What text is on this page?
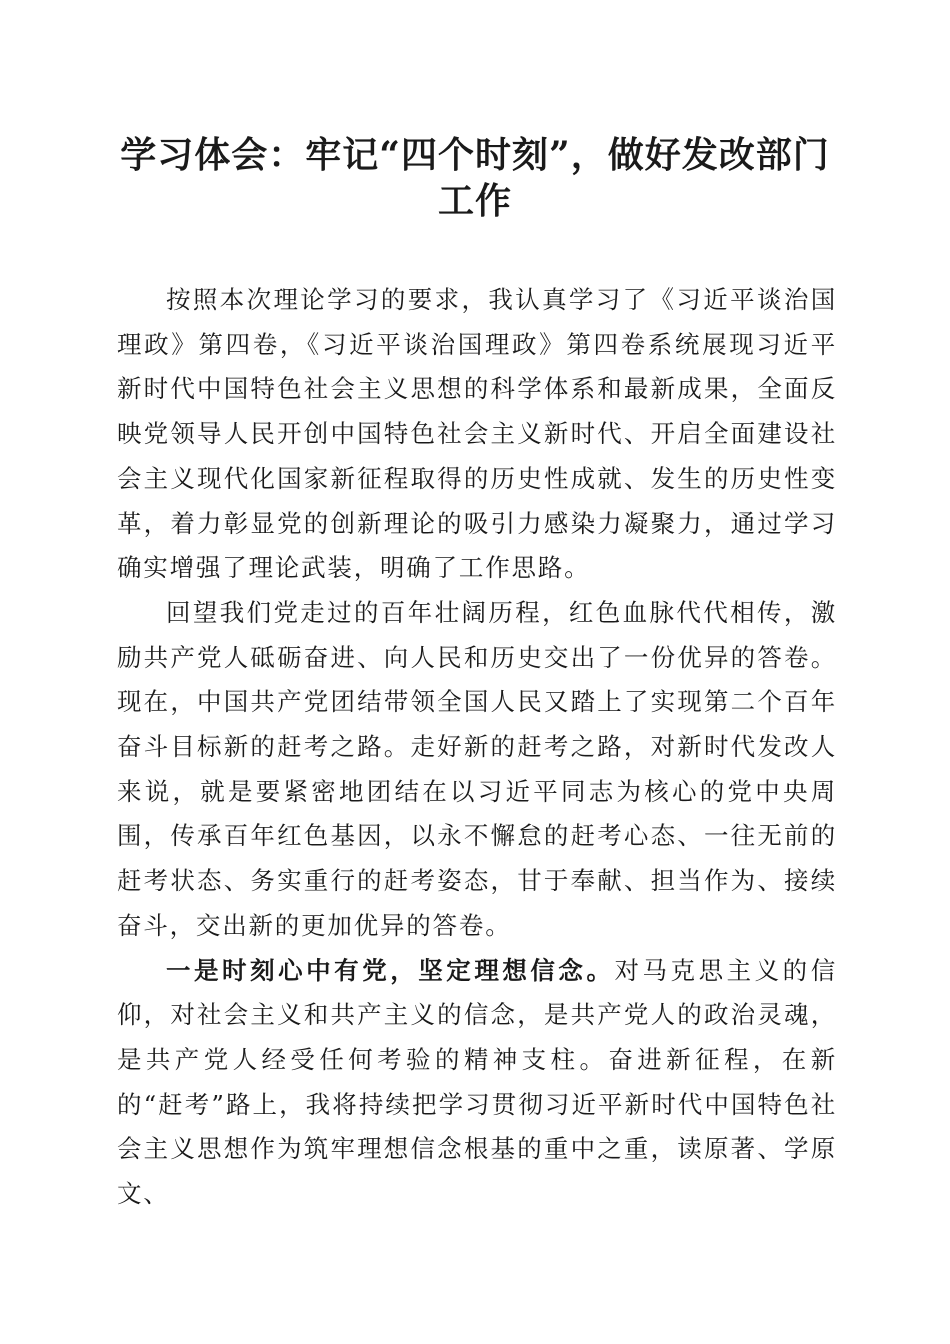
学习体会：牢记“四个时刻”，做好发改部门
工作

按照本次理论学习的要求，我认真学习了《习近平谈治国理政》第四卷，《习近平谈治国理政》第四卷系统展现习近平新时代中国特色社会主义思想的科学体系和最新成果，全面反映党领导人民开创中国特色社会主义新时代、开启全面建设社会主义现代化国家新征程取得的历史性成就、发生的历史性变革，着力彰显党的创新理论的吸引力感染力凝聚力，通过学习确实增强了理论武装，明确了工作思路。

回望我们党走过的百年壮阔历程，红色血脉代代相传，激励共产党人砥砺奋进、向人民和历史交出了一份优异的答卷。现在，中国共产党团结带领全国人民又踏上了实现第二个百年奋斗目标新的赶考之路。走好新的赶考之路，对新时代发改人来说，就是要紧密地团结在以习近平同志为核心的党中央周围，传承百年红色基因，以永不懈怠的赶考心态、一往无前的赶考状态、务实重行的赶考姿态，甘于奉献、担当作为、接续奋斗，交出新的更加优异的答卷。

一是时刻心中有党，坚定理想信念。对马克思主义的信仰，对社会主义和共产主义的信念，是共产党人的政治灵魂，是共产党人经受任何考验的精神支柱。奋进新征程，在新的“赶考”路上，我将持续把学习贯彻习近平新时代中国特色社会主义思想作为筑牢理想信念根基的重中之重，读原著、学原文、
